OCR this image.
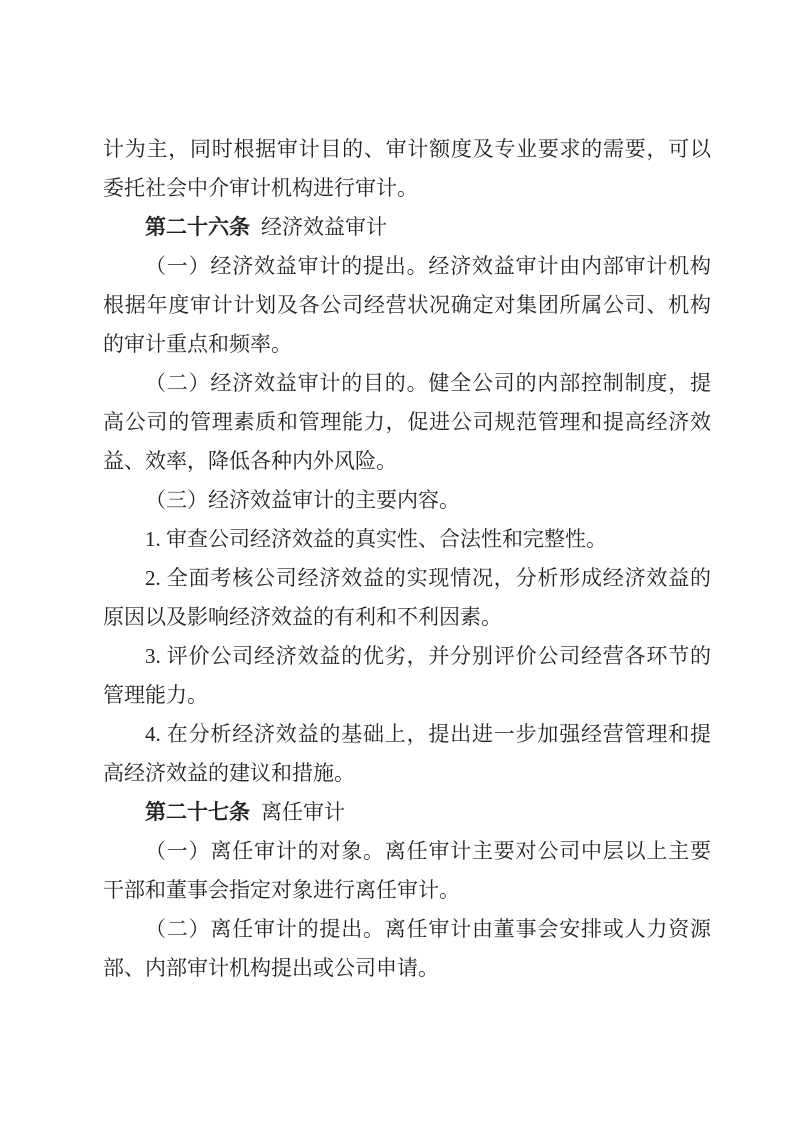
计为主，同时根据审计目的、审计额度及专业要求的需要，可以
委托社会中介审计机构进行审计。
第二十六条 经济效益审计
（一）经济效益审计的提出。经济效益审计由内部审计机构
根据年度审计计划及各公司经营状况确定对集团所属公司、机构
的审计重点和频率。
（二）经济效益审计的目的。健全公司的内部控制制度，提
高公司的管理素质和管理能力，促进公司规范管理和提高经济效
益、效率，降低各种内外风险。
（三）经济效益审计的主要内容。
1. 审查公司经济效益的真实性、合法性和完整性。
2. 全面考核公司经济效益的实现情况，分析形成经济效益的
原因以及影响经济效益的有利和不利因素。
3. 评价公司经济效益的优劣，并分别评价公司经营各环节的
管理能力。
4. 在分析经济效益的基础上，提出进一步加强经营管理和提
高经济效益的建议和措施。
第二十七条 离任审计
（一）离任审计的对象。离任审计主要对公司中层以上主要
干部和董事会指定对象进行离任审计。
（二）离任审计的提出。离任审计由董事会安排或人力资源
部、内部审计机构提出或公司申请。
